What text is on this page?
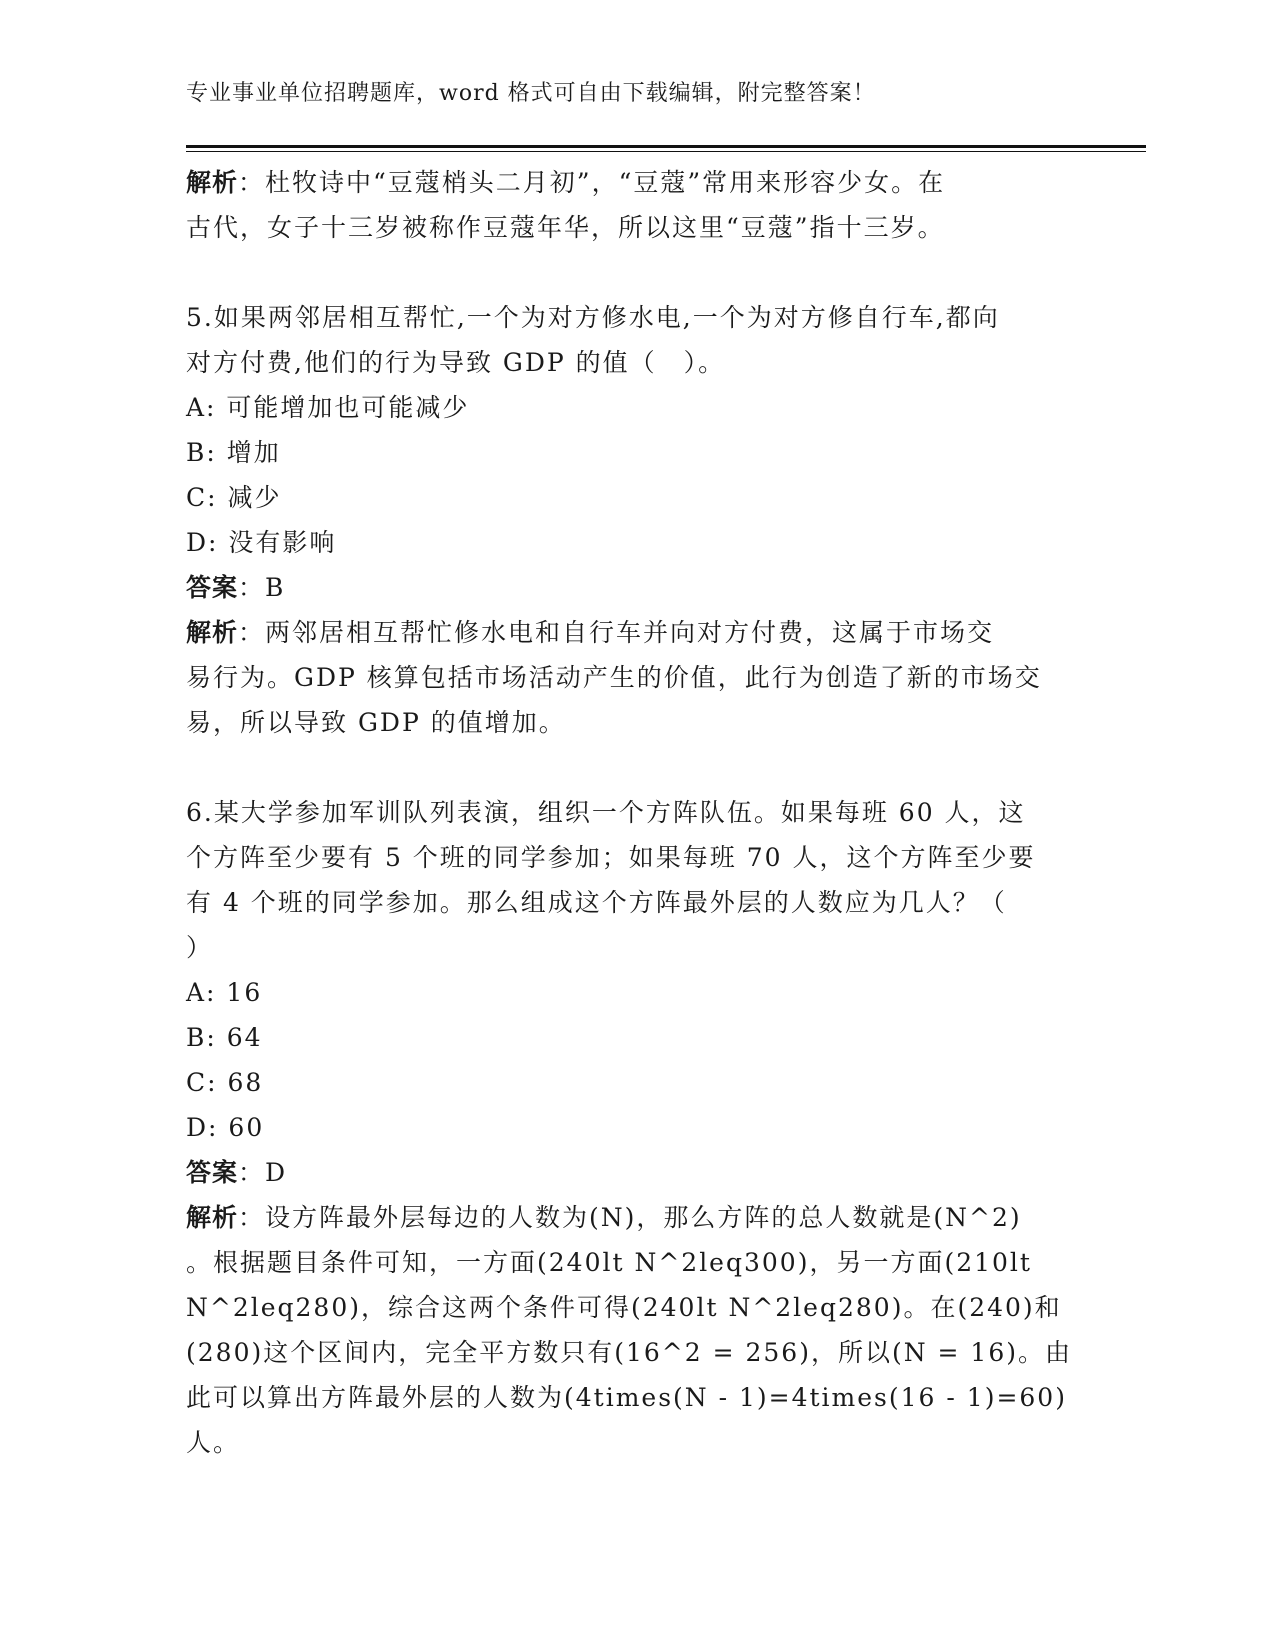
专业事业单位招聘题库，word 格式可自由下载编辑，附完整答案！
解析：杜牧诗中“豆蔻梢头二月初”，“豆蔻”常用来形容少女。在
古代，女子十三岁被称作豆蔻年华，所以这里“豆蔻”指十三岁。
5.如果两邻居相互帮忙,一个为对方修水电,一个为对方修自行车,都向
对方付费,他们的行为导致 GDP 的值（　）。
A: 可能增加也可能减少
B: 增加
C: 减少
D: 没有影响
答案：B
解析：两邻居相互帮忙修水电和自行车并向对方付费，这属于市场交
易行为。GDP 核算包括市场活动产生的价值，此行为创造了新的市场交
易，所以导致 GDP 的值增加。
6.某大学参加军训队列表演，组织一个方阵队伍。如果每班 60 人，这
个方阵至少要有 5 个班的同学参加；如果每班 70 人，这个方阵至少要
有 4 个班的同学参加。那么组成这个方阵最外层的人数应为几人？（
）
A: 16
B: 64
C: 68
D: 60
答案：D
解析：设方阵最外层每边的人数为(N)，那么方阵的总人数就是(N^2)
。根据题目条件可知，一方面(240lt N^2leq300)，另一方面(210lt
N^2leq280)，综合这两个条件可得(240lt N^2leq280)。在(240)和
(280)这个区间内，完全平方数只有(16^2 = 256)，所以(N = 16)。由
此可以算出方阵最外层的人数为(4times(N - 1)=4times(16 - 1)=60)
人。
